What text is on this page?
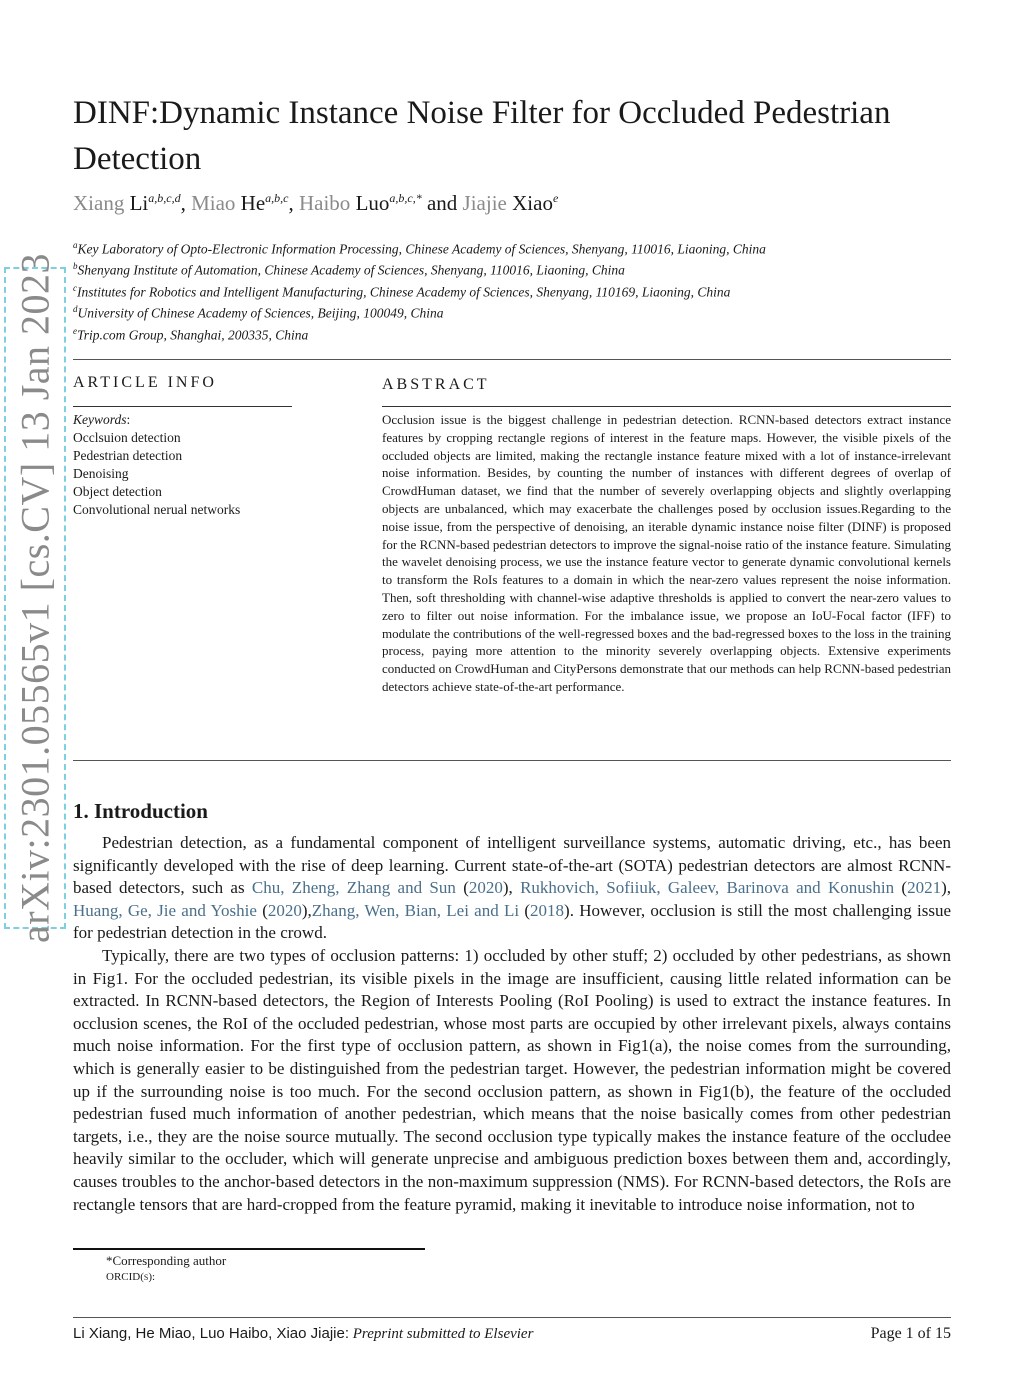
arXiv:2301.05565v1 [cs.CV] 13 Jan 2023
DINF:Dynamic Instance Noise Filter for Occluded Pedestrian Detection
Xiang Li$^{a,b,c,d}$, Miao He$^{a,b,c}$, Haibo Luo$^{a,b,c,*}$ and Jiajie Xiao$^e$
$^a$Key Laboratory of Opto-Electronic Information Processing, Chinese Academy of Sciences, Shenyang, 110016, Liaoning, China
$^b$Shenyang Institute of Automation, Chinese Academy of Sciences, Shenyang, 110016, Liaoning, China
$^c$Institutes for Robotics and Intelligent Manufacturing, Chinese Academy of Sciences, Shenyang, 110169, Liaoning, China
$^d$University of Chinese Academy of Sciences, Beijing, 100049, China
$^e$Trip.com Group, Shanghai, 200335, China
ARTICLE INFO
Keywords:
Occlsuion detection
Pedestrian detection
Denoising
Object detection
Convolutional nerual networks
ABSTRACT

Occlusion issue is the biggest challenge in pedestrian detection. RCNN-based detectors extract instance features by cropping rectangle regions of interest in the feature maps. However, the visible pixels of the occluded objects are limited, making the rectangle instance feature mixed with a lot of instance-irrelevant noise information. Besides, by counting the number of instances with different degrees of overlap of CrowdHuman dataset, we find that the number of severely overlapping objects and slightly overlapping objects are unbalanced, which may exacerbate the challenges posed by occlusion issues.Regarding to the noise issue, from the perspective of denoising, an iterable dynamic instance noise filter (DINF) is proposed for the RCNN-based pedestrian detectors to improve the signal-noise ratio of the instance feature. Simulating the wavelet denoising process, we use the instance feature vector to generate dynamic convolutional kernels to transform the RoIs features to a domain in which the near-zero values represent the noise information. Then, soft thresholding with channel-wise adaptive thresholds is applied to convert the near-zero values to zero to filter out noise information. For the imbalance issue, we propose an IoU-Focal factor (IFF) to modulate the contributions of the well-regressed boxes and the bad-regressed boxes to the loss in the training process, paying more attention to the minority severely overlapping objects. Extensive experiments conducted on CrowdHuman and CityPersons demonstrate that our methods can help RCNN-based pedestrian detectors achieve state-of-the-art performance.

1. Introduction

Pedestrian detection, as a fundamental component of intelligent surveillance systems, automatic driving, etc., has been significantly developed with the rise of deep learning. Current state-of-the-art (SOTA) pedestrian detectors are almost RCNN-based detectors, such as Chu, Zheng, Zhang and Sun (2020), Rukhovich, Sofiiuk, Galeev, Barinova and Konushin (2021), Huang, Ge, Jie and Yoshie (2020),Zhang, Wen, Bian, Lei and Li (2018). However, occlusion is still the most challenging issue for pedestrian detection in the crowd.

Typically, there are two types of occlusion patterns: 1) occluded by other stuff; 2) occluded by other pedestrians, as shown in Fig1. For the occluded pedestrian, its visible pixels in the image are insufficient, causing little related information can be extracted. In RCNN-based detectors, the Region of Interests Pooling (RoI Pooling) is used to extract the instance features. In occlusion scenes, the RoI of the occluded pedestrian, whose most parts are occupied by other irrelevant pixels, always contains much noise information. For the first type of occlusion pattern, as shown in Fig1(a), the noise comes from the surrounding, which is generally easier to be distinguished from the pedestrian target. However, the pedestrian information might be covered up if the surrounding noise is too much. For the second occlusion pattern, as shown in Fig1(b), the feature of the occluded pedestrian fused much information of another pedestrian, which means that the noise basically comes from other pedestrian targets, i.e., they are the noise source mutually. The second occlusion type typically makes the instance feature of the occludee heavily similar to the occluder, which will generate unprecise and ambiguous prediction boxes between them and, accordingly, causes troubles to the anchor-based detectors in the non-maximum suppression (NMS). For RCNN-based detectors, the RoIs are rectangle tensors that are hard-cropped from the feature pyramid, making it inevitable to introduce noise information, not to

*Corresponding author
ORCID(s):
Li Xiang, He Miao, Luo Haibo, Xiao Jiajie: Preprint submitted to Elsevier	Page 1 of 15
